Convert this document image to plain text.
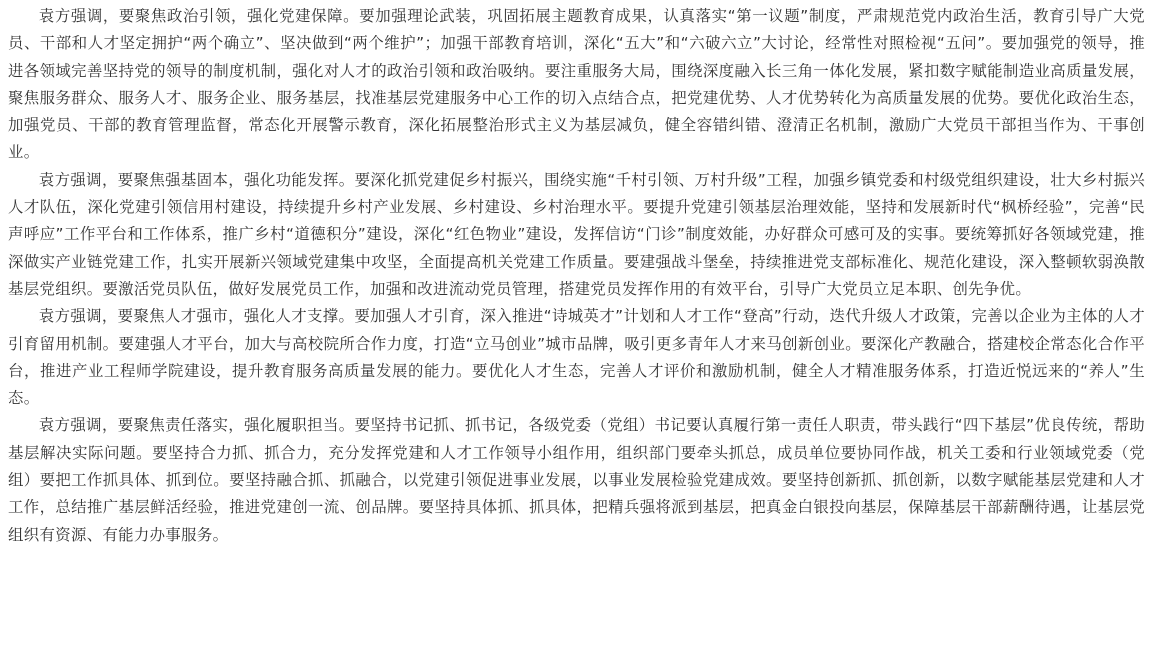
袁方强调，要聚焦政治引领，强化党建保障。要加强理论武装，巩固拓展主题教育成果，认真落实“第一议题”制度，严肃规范党内政治生活，教育引导广大党员、干部和人才坚定拥护“两个确立”、坚决做到“两个维护”；加强干部教育培训，深化“五大”和“六破六立”大讨论，经常性对照检视“五问”。要加强党的领导，推进各领域完善坚持党的领导的制度机制，强化对人才的政治引领和政治吸纳。要注重服务大局，围绕深度融入长三角一体化发展，紧扣数字赋能制造业高质量发展，聚焦服务群众、服务人才、服务企业、服务基层，找准基层党建服务中心工作的切入点结合点，把党建优势、人才优势转化为高质量发展的优势。要优化政治生态，加强党员、干部的教育管理监督，常态化开展警示教育，深化拓展整治形式主义为基层减负，健全容错纠错、澄清正名机制，激励广大党员干部担当作为、干事创业。

袁方强调，要聚焦强基固本，强化功能发挥。要深化抓党建促乡村振兴，围绕实施“千村引领、万村升级”工程，加强乡镇党委和村级党组织建设，壮大乡村振兴人才队伍，深化党建引领信用村建设，持续提升乡村产业发展、乡村建设、乡村治理水平。要提升党建引领基层治理效能，坚持和发展新时代“枫桥经验”，完善“民声呼应”工作平台和工作体系，推广乡村“道德积分”建设，深化“红色物业”建设，发挥信访“门诊”制度效能，办好群众可感可及的实事。要统筹抓好各领域党建，推深做实产业链党建工作，扎实开展新兴领域党建集中攻坚，全面提高机关党建工作质量。要建强战斗堡垒，持续推进党支部标准化、规范化建设，深入整顿软弱涣散基层党组织。要激活党员队伍，做好发展党员工作，加强和改进流动党员管理，搭建党员发挥作用的有效平台，引导广大党员立足本职、创先争优。

袁方强调，要聚焦人才强市，强化人才支撑。要加强人才引育，深入推进“诗城英才”计划和人才工作“登高”行动，迭代升级人才政策，完善以企业为主体的人才引育留用机制。要建强人才平台，加大与高校院所合作力度，打造“立马创业”城市品牌，吸引更多青年人才来马创新创业。要深化产教融合，搭建校企常态化合作平台，推进产业工程师学院建设，提升教育服务高质量发展的能力。要优化人才生态，完善人才评价和激励机制，健全人才精准服务体系，打造近悦远来的“养人”生态。

袁方强调，要聚焦责任落实，强化履职担当。要坚持书记抓、抓书记，各级党委（党组）书记要认真履行第一责任人职责，带头践行“四下基层”优良传统，帮助基层解决实际问题。要坚持合力抓、抓合力，充分发挥党建和人才工作领导小组作用，组织部门要牵头抓总，成员单位要协同作战，机关工委和行业领域党委（党组）要把工作抓具体、抓到位。要坚持融合抓、抓融合，以党建引领促进事业发展，以事业发展检验党建成效。要坚持创新抓、抓创新，以数字赋能基层党建和人才工作，总结推广基层鲜活经验，推进党建创一流、创品牌。要坚持具体抓、抓具体，把精兵强将派到基层，把真金白银投向基层，保障基层干部薪酬待遇，让基层党组织有资源、有能力办事服务。
